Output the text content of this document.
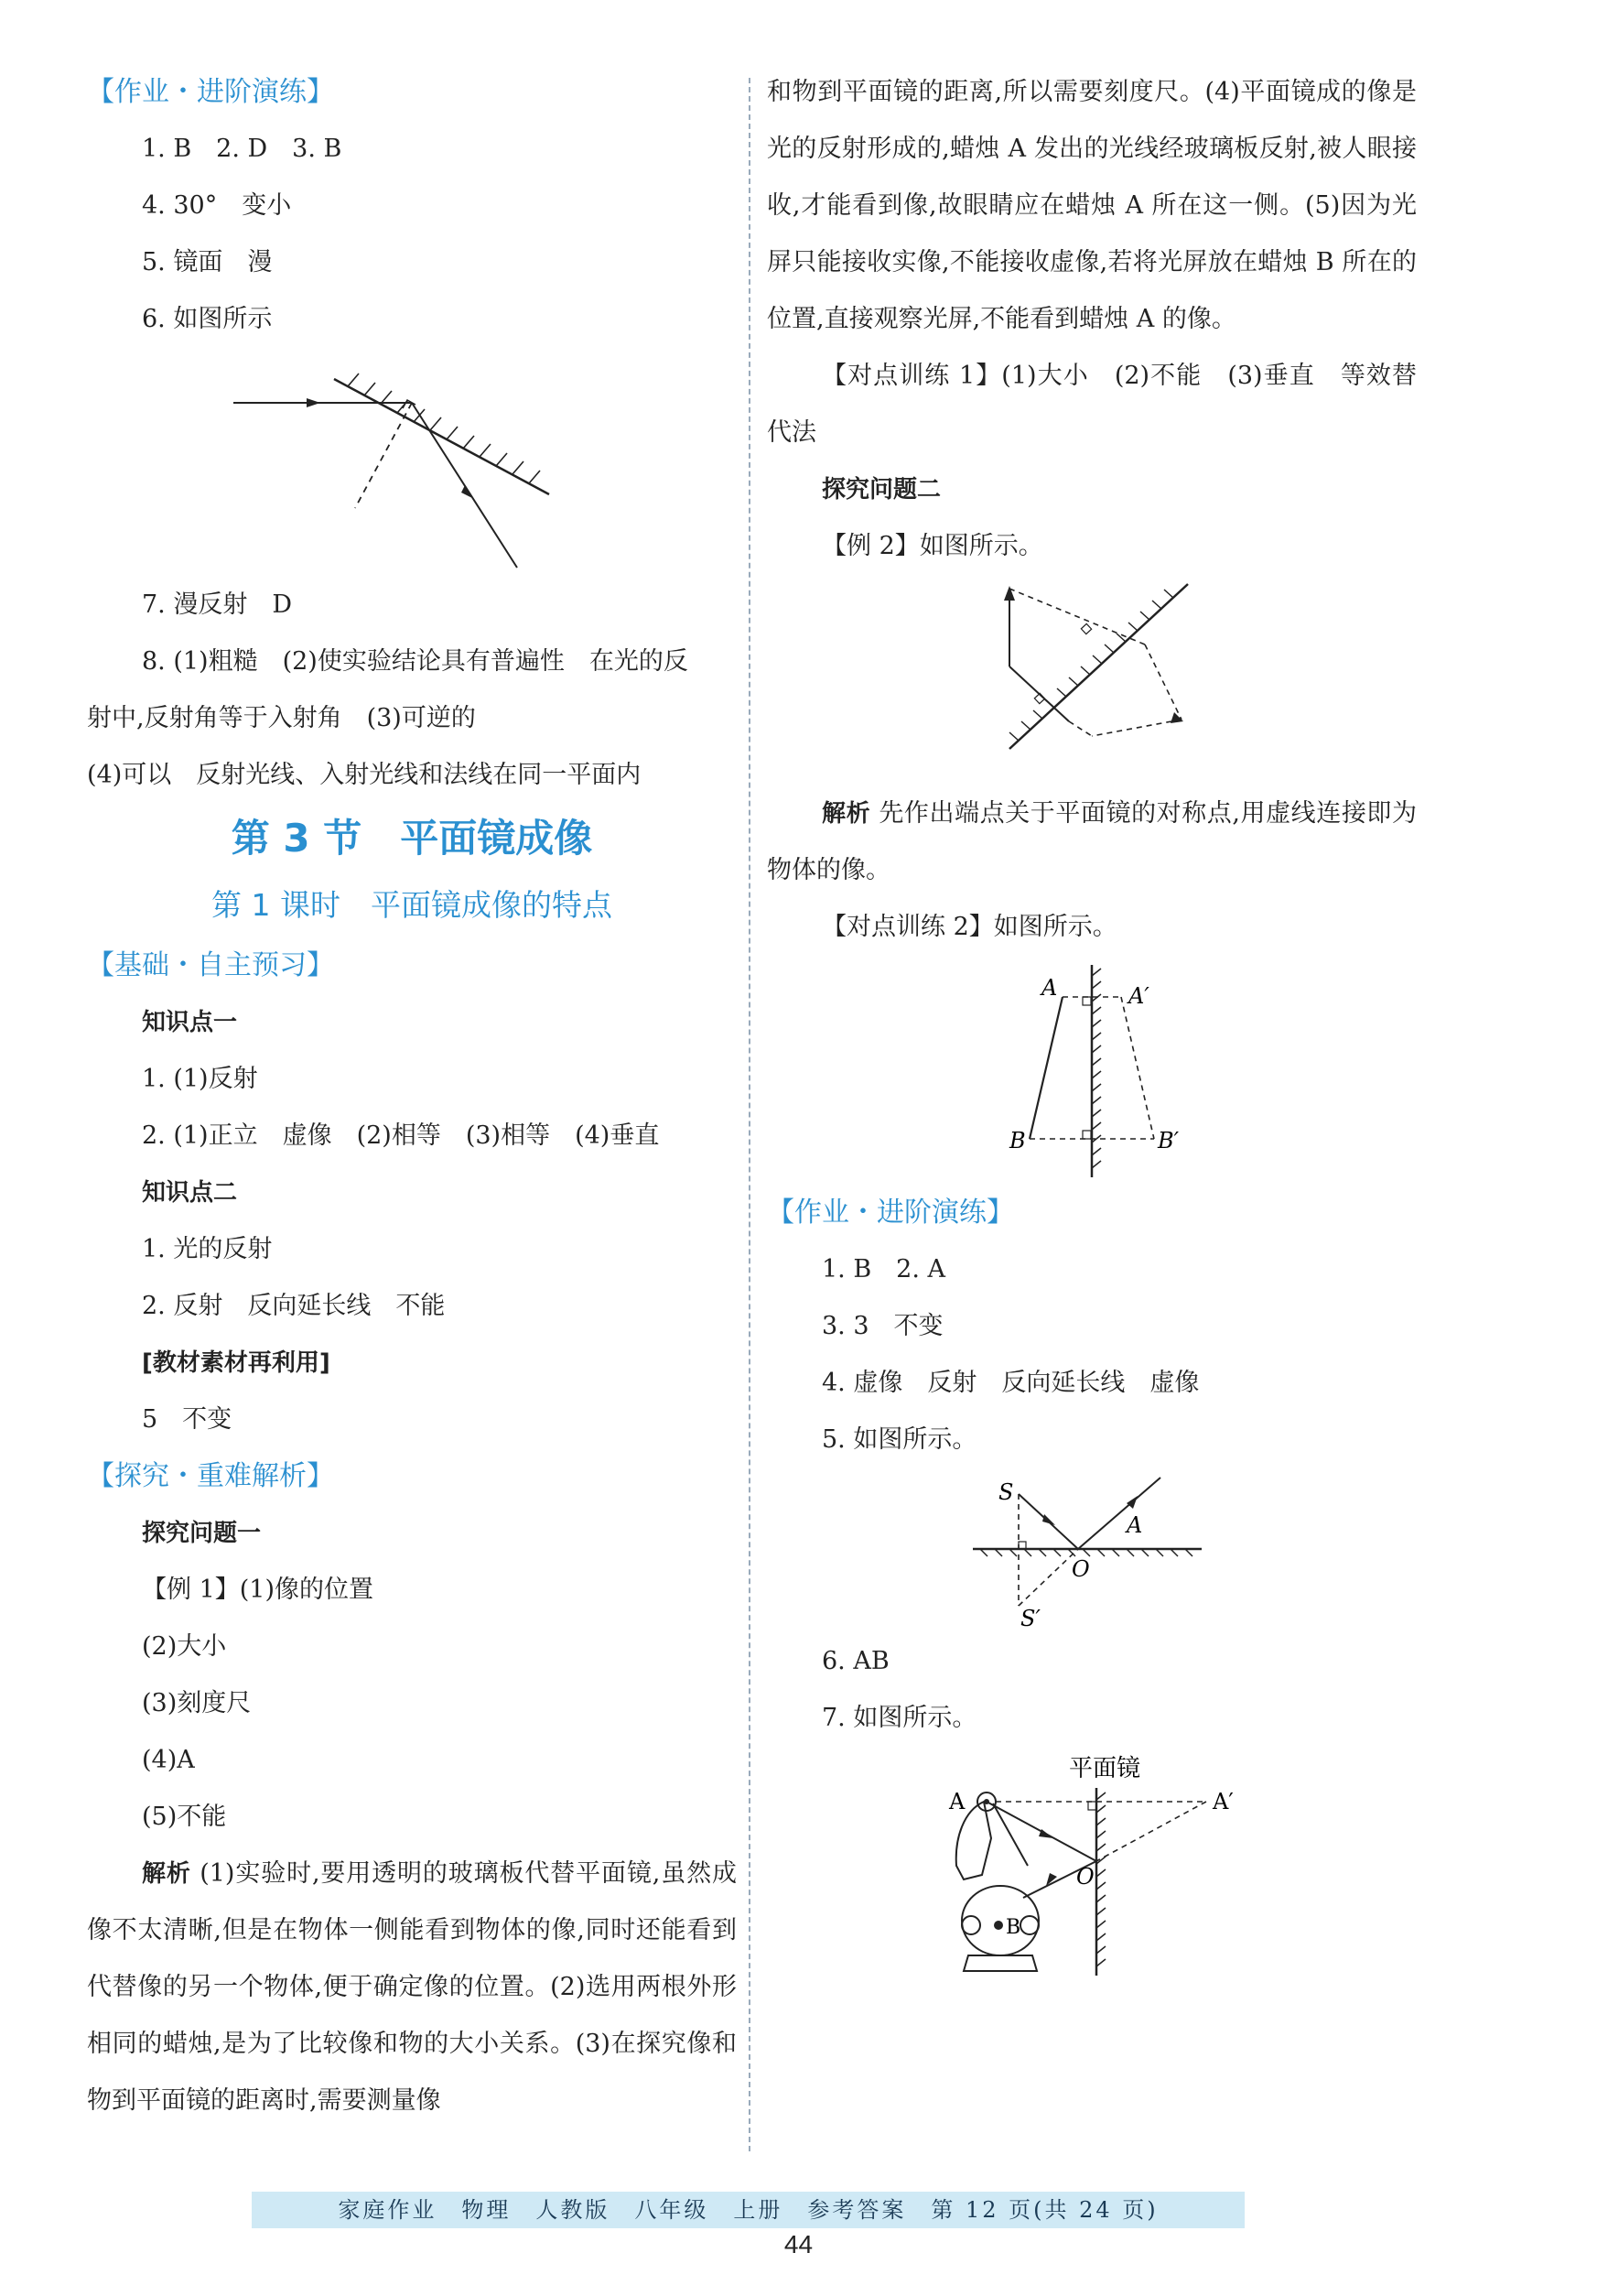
【作业・进阶演练】
1. B　2. D　3. B
4. 30°　变小
5. 镜面　漫
6. 如图所示
7. 漫反射　D
8. (1)粗糙　(2)使实验结论具有普遍性　在光的反
射中,反射角等于入射角　(3)可逆的
(4)可以　反射光线、入射光线和法线在同一平面内
第 3 节　平面镜成像
第 1 课时　平面镜成像的特点
【基础・自主预习】
知识点一
1. (1)反射
2. (1)正立　虚像　(2)相等　(3)相等　(4)垂直
知识点二
1. 光的反射
2. 反射　反向延长线　不能
[教材素材再利用]
5　不变
【探究・重难解析】
探究问题一
【例 1】(1)像的位置
(2)大小
(3)刻度尺
(4)A
(5)不能

解析 (1)实验时,要用透明的玻璃板代替平面镜,虽然成像不太清晰,但是在物体一侧能看到物体的像,同时还能看到代替像的另一个物体,便于确定像的位置。(2)选用两根外形相同的蜡烛,是为了比较像和物的大小关系。(3)在探究像和物到平面镜的距离时,需要测量像

和物到平面镜的距离,所以需要刻度尺。(4)平面镜成的像是光的反射形成的,蜡烛 A 发出的光线经玻璃板反射,被人眼接收,才能看到像,故眼睛应在蜡烛 A 所在这一侧。(5)因为光屏只能接收实像,不能接收虚像,若将光屏放在蜡烛 B 所在的位置,直接观察光屏,不能看到蜡烛 A 的像。

【对点训练 1】(1)大小　(2)不能　(3)垂直　等效替代法

探究问题二
【例 2】如图所示。

解析 先作出端点关于平面镜的对称点,用虚线连接即为物体的像。

【对点训练 2】如图所示。
A	A′
B	B′
【作业・进阶演练】
1. B　2. A
3. 3　不变
4. 虚像　反射　反向延长线　虚像
5. 如图所示。
S
A
O
S′
6. AB
7. 如图所示。
平面镜
A	A′
O
B
家庭作业　物理　人教版　八年级　上册　参考答案　第 12 页(共 24 页)
44
